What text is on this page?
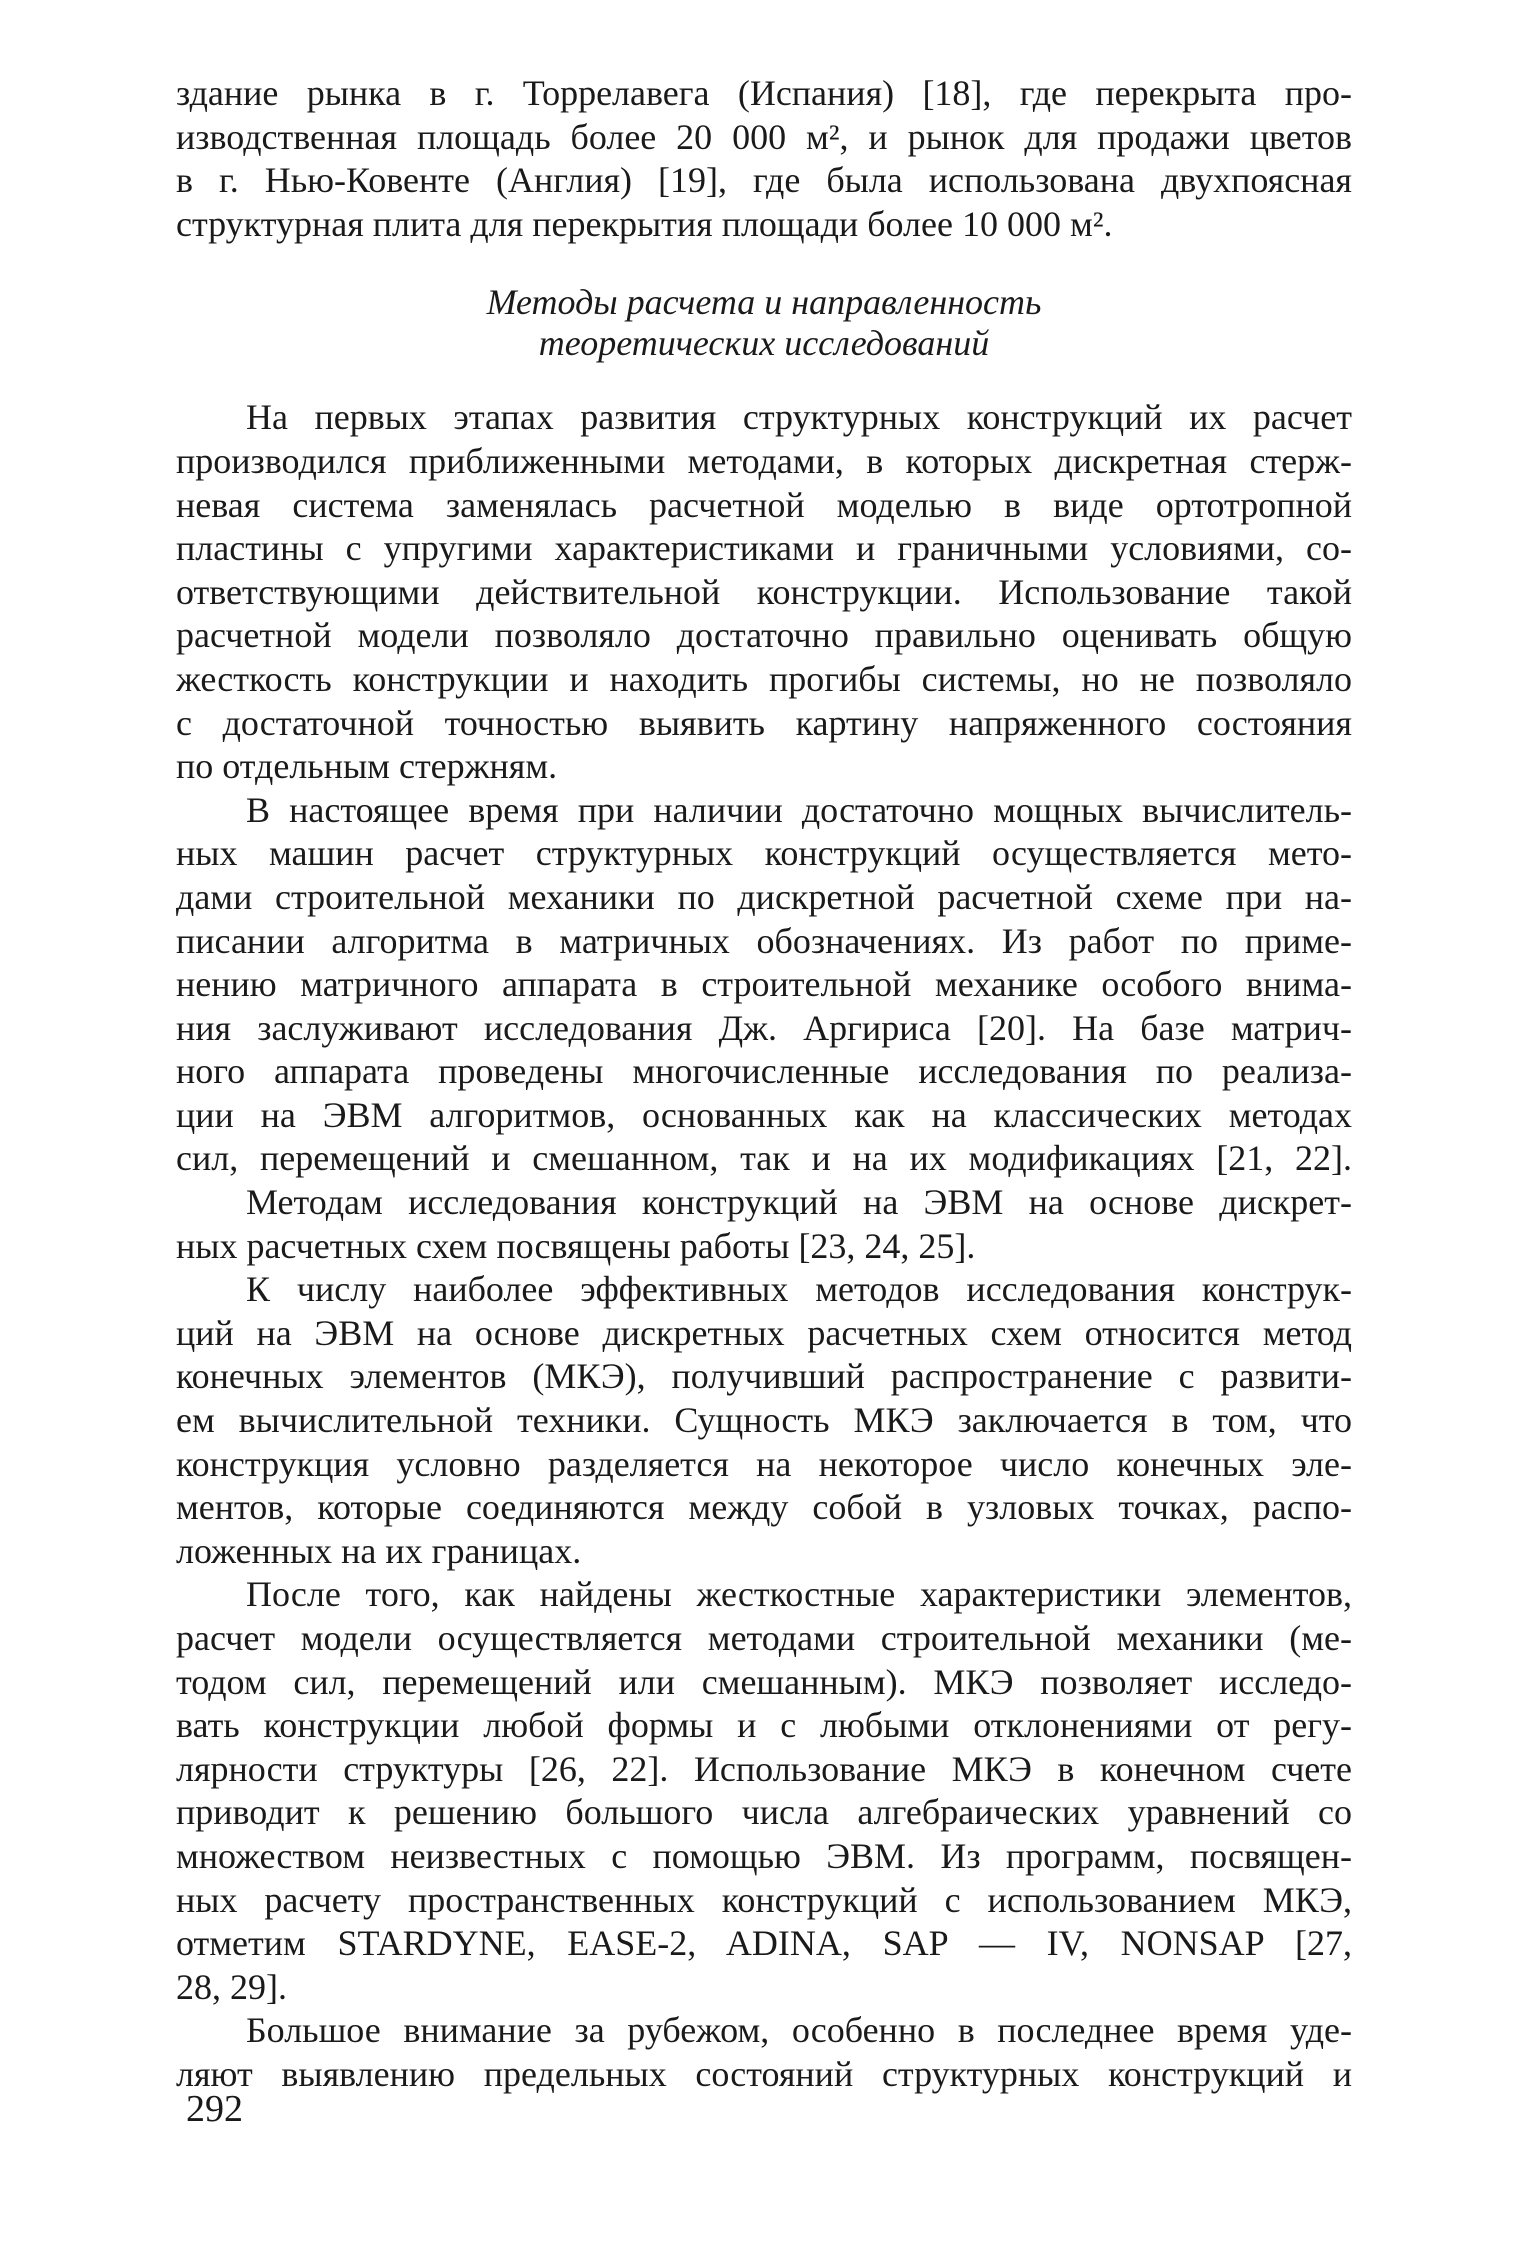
здание рынка в г. Торрелавега (Испания) [18], где перекрыта про-
изводственная площадь более 20 000 м², и рынок для продажи цветов
в г. Нью-Ковенте (Англия) [19], где была использована двухпоясная
структурная плита для перекрытия площади более 10 000 м².
Методы расчета и направленность
теоретических исследований
На первых этапах развития структурных конструкций их расчет
производился приближенными методами, в которых дискретная стерж-
невая система заменялась расчетной моделью в виде ортотропной
пластины с упругими характеристиками и граничными условиями, со-
ответствующими действительной конструкции. Использование такой
расчетной модели позволяло достаточно правильно оценивать общую
жесткость конструкции и находить прогибы системы, но не позволяло
с достаточной точностью выявить картину напряженного состояния
по отдельным стержням.
В настоящее время при наличии достаточно мощных вычислитель-
ных машин расчет структурных конструкций осуществляется мето-
дами строительной механики по дискретной расчетной схеме при на-
писании алгоритма в матричных обозначениях. Из работ по приме-
нению матричного аппарата в строительной механике особого внима-
ния заслуживают исследования Дж. Аргириса [20]. На базе матрич-
ного аппарата проведены многочисленные исследования по реализа-
ции на ЭВМ алгоритмов, основанных как на классических методах
сил, перемещений и смешанном, так и на их модификациях [21, 22].
Методам исследования конструкций на ЭВМ на основе дискрет-
ных расчетных схем посвящены работы [23, 24, 25].
К числу наиболее эффективных методов исследования конструк-
ций на ЭВМ на основе дискретных расчетных схем относится метод
конечных элементов (МКЭ), получивший распространение с развити-
ем вычислительной техники. Сущность МКЭ заключается в том, что
конструкция условно разделяется на некоторое число конечных эле-
ментов, которые соединяются между собой в узловых точках, распо-
ложенных на их границах.
После того, как найдены жесткостные характеристики элементов,
расчет модели осуществляется методами строительной механики (ме-
тодом сил, перемещений или смешанным). МКЭ позволяет исследо-
вать конструкции любой формы и с любыми отклонениями от регу-
лярности структуры [26, 22]. Использование МКЭ в конечном счете
приводит к решению большого числа алгебраических уравнений со
множеством неизвестных с помощью ЭВМ. Из программ, посвящен-
ных расчету пространственных конструкций с использованием МКЭ,
отметим STARDYNE, EASE-2, ADINA, SAP — IV, NONSAP [27,
28, 29].
Большое внимание за рубежом, особенно в последнее время уде-
ляют выявлению предельных состояний структурных конструкций и
292
